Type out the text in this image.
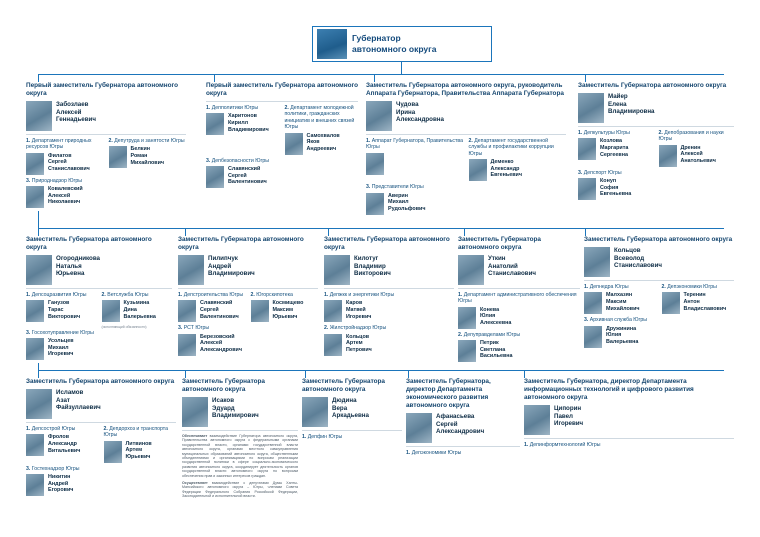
Губернатор
автономного округа
Первый заместитель Губернатора автономного округа
Забозлаев
Алексей
Геннадьевич
1. Департамент природных ресурсов Югры
Филатов
Сергей
Станиславович
2. Депутруда и занятости Югры
Белкин
Роман
Михайлович
3. Природнадзор Югры
Ковалевский
Алексей
Николаевич
Первый заместитель Губернатора автономного округа
1. Депполитики Югры
Харитонов
Кирилл
Владимирович
2. Департамент молодежной политики, гражданских инициатив и внешних связей Югры
Самохвалов
Яков
Андреевич
3. Депбезопасности Югры
Славянский
Сергей
Валентинович
Заместитель Губернатора автономного округа, руководитель Аппарата Губернатора, Правительства Аппарата Губернатора
Чудова
Ирина
Александровна
1. Аппарат Губернатора, Правительства Югры
2. Департамент государственной службы и профилактики коррупции Югры
Деменко
Александр
Евгеньевич
3. Представители Югры
Аверин
Михаил
Рудольфович
Заместитель Губернатора автономного округа
Майер
Елена
Владимировна
1. Депкультуры Югры
Козлова
Маргарита
Сергеевна
2. Депобразования и науки Югры
Дренин
Алексей
Анатольевич
3. Депспорт Югры
Конуп
София
Евгеньевна
Заместитель Губернатора автономного округа
Огородникова
Наталья
Юрьевна
1. Депсоцразвития Югры
Ганузов
Тарас
Викторович
2. Ветслужба Югры
Кузьмина
Дина
Валерьевна
(исполняющий обязанности)
3. Госохотуправление Югры
Усольцев
Михаил
Игоревич
Заместитель Губернатора автономного округа
Пилипчук
Андрей
Владимирович
1. Депстроительства Югры
Славянский
Сергей
Валентинович
2. Югорскипотека
Космищево
Максим
Юрьевич
3. РСТ Югры
Березовский
Алексей
Александрович
Заместитель Губернатора автономного округа
Килотуг
Владимир
Викторович
1. Депжкк и энергетики Югры
Каров
Матвей
Игоревич
2. Жилстройнадзор Югры
Кольцов
Артем
Петрович
Заместитель Губернатора автономного округа
Уткин
Анатолий
Станиславович
1. Департамент административного обеспечения Югры
Конева
Юлия
Алексеевна
2. Депуправделами Югры
Петрик
Светлана
Васильевна
Заместитель Губернатора автономного округа
Кольцов
Всеволод
Станиславович
1. Депнедра Югры
Малхазян
Максим
Михайлович
2. Депэкономики Югры
Теренин
Антон
Владиславович
3. Архивная служба Югры
Дружинина
Юлия
Валерьевна
Заместитель Губернатора автономного округа
Исламов
Азат
Файзуллаевич
1. Депсострой Югры
Фролов
Александр
Витальевич
2. Депдорхоз и транспорта Югры
Литвинов
Артем
Юрьевич
3. Гостехнадзор Югры
Никитин
Андрей
Егорович
Заместитель Губернатора автономного округа
Исаков
Эдуард
Владимирович
Обеспечивает взаимодействие Губернатора автономного округа, Правительства автономного округа с федеральными органами государственной власти, органами государственной власти автономного округа, органами местного самоуправления муниципальных образований автономного округа, общественными объединениями и организациями по вопросам реализации государственной политики в сфере социально-экономического развития автономного округа, координирует деятельность органов государственной власти автономного округа по вопросам обеспечения прав и законных интересов граждан.
Осуществляет взаимодействие с депутатами Думы Ханты-Мансийского автономного округа – Югры, членами Совета Федерации Федерального Собрания Российской Федерации, Законодательной и исполнительной власти.
Заместитель Губернатора автономного округа
Дюдина
Вера
Аркадьевна
1. Депфин Югры
Заместитель Губернатора, директор Департамента экономического развития автономного округа
Афанасьева
Сергей
Александрович
1. Депэкономики Югры
Заместитель Губернатора, директор Департамента информационных технологий и цифрового развития автономного округа
Ципорин
Павел
Игоревич
1. Депинформтехнологий Югры
